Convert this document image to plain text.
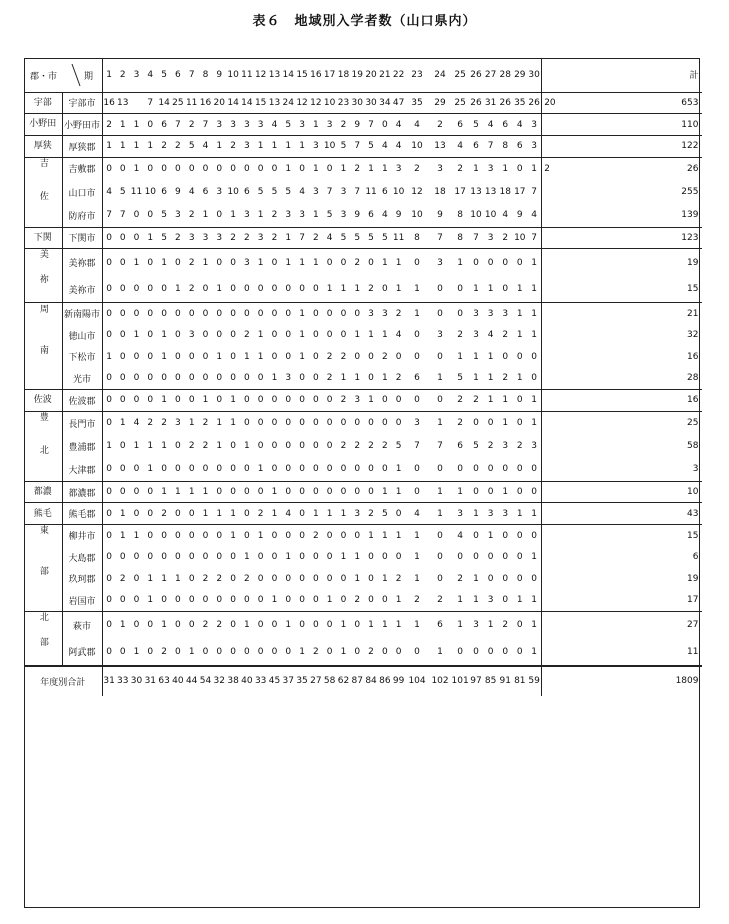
表６　地域別入学者数（山口県内）
郡・市 期		1	2	3	4	5	6	7	8	9	10	11	12	13	14	15	16	17	18	19	20	21	22	23	24	25	26	27	28	29	30	計
宇部	宇部市	16	13		7	14	25	11	16	20	14	14	15	13	24	12	12	10	23	30	30	34	47	35	29	25	26	31	26	35	26	20 653

小野田	小野田市	2	1	1	0	6	7	2	7	3	3	3	3	4	5	3	1	3	2	9	7	0	4	4	2	6	5	4	6	4	3	110
厚狭	厚狭郡	1	1	1	1	2	2	5	4	1	2	3	1	1	1	1	3	10	5	7	5	4	4	10	13	4	6	7	8	6	3	122
吉佐	吉敷郡	0	0	1	0	0	0	0	0	0	0	0	0	0	1	0	1	0	1	2	1	1	3	2	3	2	1	3	1	0	1	2 26

	山口市	4	5	11	10	6	9	4	6	3	10	6	5	5	5	4	3	7	3	7	11	6	10	12	18	17	13	13	18	17	7	255
	防府市	7	7	0	0	5	3	2	1	0	1	3	1	2	3	3	1	5	3	9	6	4	9	10	9	8	10	10	4	9	4	139
下関	下関市	0	0	0	1	5	2	3	3	3	2	2	3	2	1	7	2	4	5	5	5	5	11	8	7	8	7	3	2	10	7	123
美祢	美祢郡	0	0	1	0	1	0	2	1	0	0	3	1	0	1	1	1	0	0	2	0	1	1	0	3	1	0	0	0	0	1	19
	美祢市	0	0	0	0	0	1	2	0	1	0	0	0	0	0	0	0	1	1	1	2	0	1	1	0	0	1	1	0	1	1	15
周南	新南陽市	0	0	0	0	0	0	0	0	0	0	0	0	0	0	1	0	0	0	0	3	3	2	1	0	0	3	3	3	1	1	21
	徳山市	0	0	1	0	1	0	3	0	0	0	2	1	0	0	1	0	0	0	1	1	1	4	0	3	2	3	4	2	1	1	32
	下松市	1	0	0	0	1	0	0	0	1	0	1	1	0	0	1	0	2	2	0	0	2	0	0	0	1	1	1	0	0	0	16
	光市	0	0	0	0	0	0	0	0	0	0	0	0	1	3	0	0	2	1	1	0	1	2	6	1	5	1	1	2	1	0	28
佐波	佐波郡	0	0	0	0	1	0	0	1	0	1	0	0	0	0	0	0	0	2	3	1	0	0	0	0	2	2	1	1	0	1	16
豊北	長門市	0	1	4	2	2	3	1	2	1	1	0	0	0	0	0	0	0	0	0	0	0	0	3	1	2	0	0	1	0	1	25
	豊浦郡	1	0	1	1	1	0	2	2	1	0	1	0	0	0	0	0	0	2	2	2	2	5	7	7	6	5	2	3	2	3	58
	大津郡	0	0	0	1	0	0	0	0	0	0	0	1	0	0	0	0	0	0	0	0	0	1	0	0	0	0	0	0	0	0	3
都濃	都濃郡	0	0	0	0	1	1	1	1	0	0	0	0	1	0	0	0	0	0	0	0	1	1	0	1	1	0	0	1	0	0	10
熊毛	熊毛郡	0	1	0	0	2	0	0	1	1	1	0	2	1	4	0	1	1	1	3	2	5	0	4	1	3	1	3	3	1	1	43
東部	柳井市	0	1	1	0	0	0	0	0	0	1	0	1	0	0	0	2	0	0	0	1	1	1	1	0	4	0	1	0	0	0	15
	大島郡	0	0	0	0	0	0	0	0	0	0	1	0	0	1	0	0	0	1	1	0	0	0	1	0	0	0	0	0	0	1	6
	玖珂郡	0	2	0	1	1	1	0	2	2	0	2	0	0	0	0	0	0	0	1	0	1	2	1	0	2	1	0	0	0	0	19
	岩国市	0	0	0	1	0	0	0	0	0	0	0	0	1	0	0	0	1	0	2	0	0	1	2	2	1	1	3	0	1	1	17
北部	萩市	0	1	0	0	1	0	0	2	2	0	1	0	0	1	0	0	0	1	0	1	1	1	1	6	1	3	1	2	0	1	27
	阿武郡	0	0	1	0	2	0	1	0	0	0	0	0	0	0	1	2	0	1	0	2	0	0	0	1	0	0	0	0	0	1	11
年度別合計		31	33	30	31	63	40	44	54	32	38	40	33	45	37	35	27	58	62	87	84	86	99	104	102	101	97	85	91	81	59	1809
